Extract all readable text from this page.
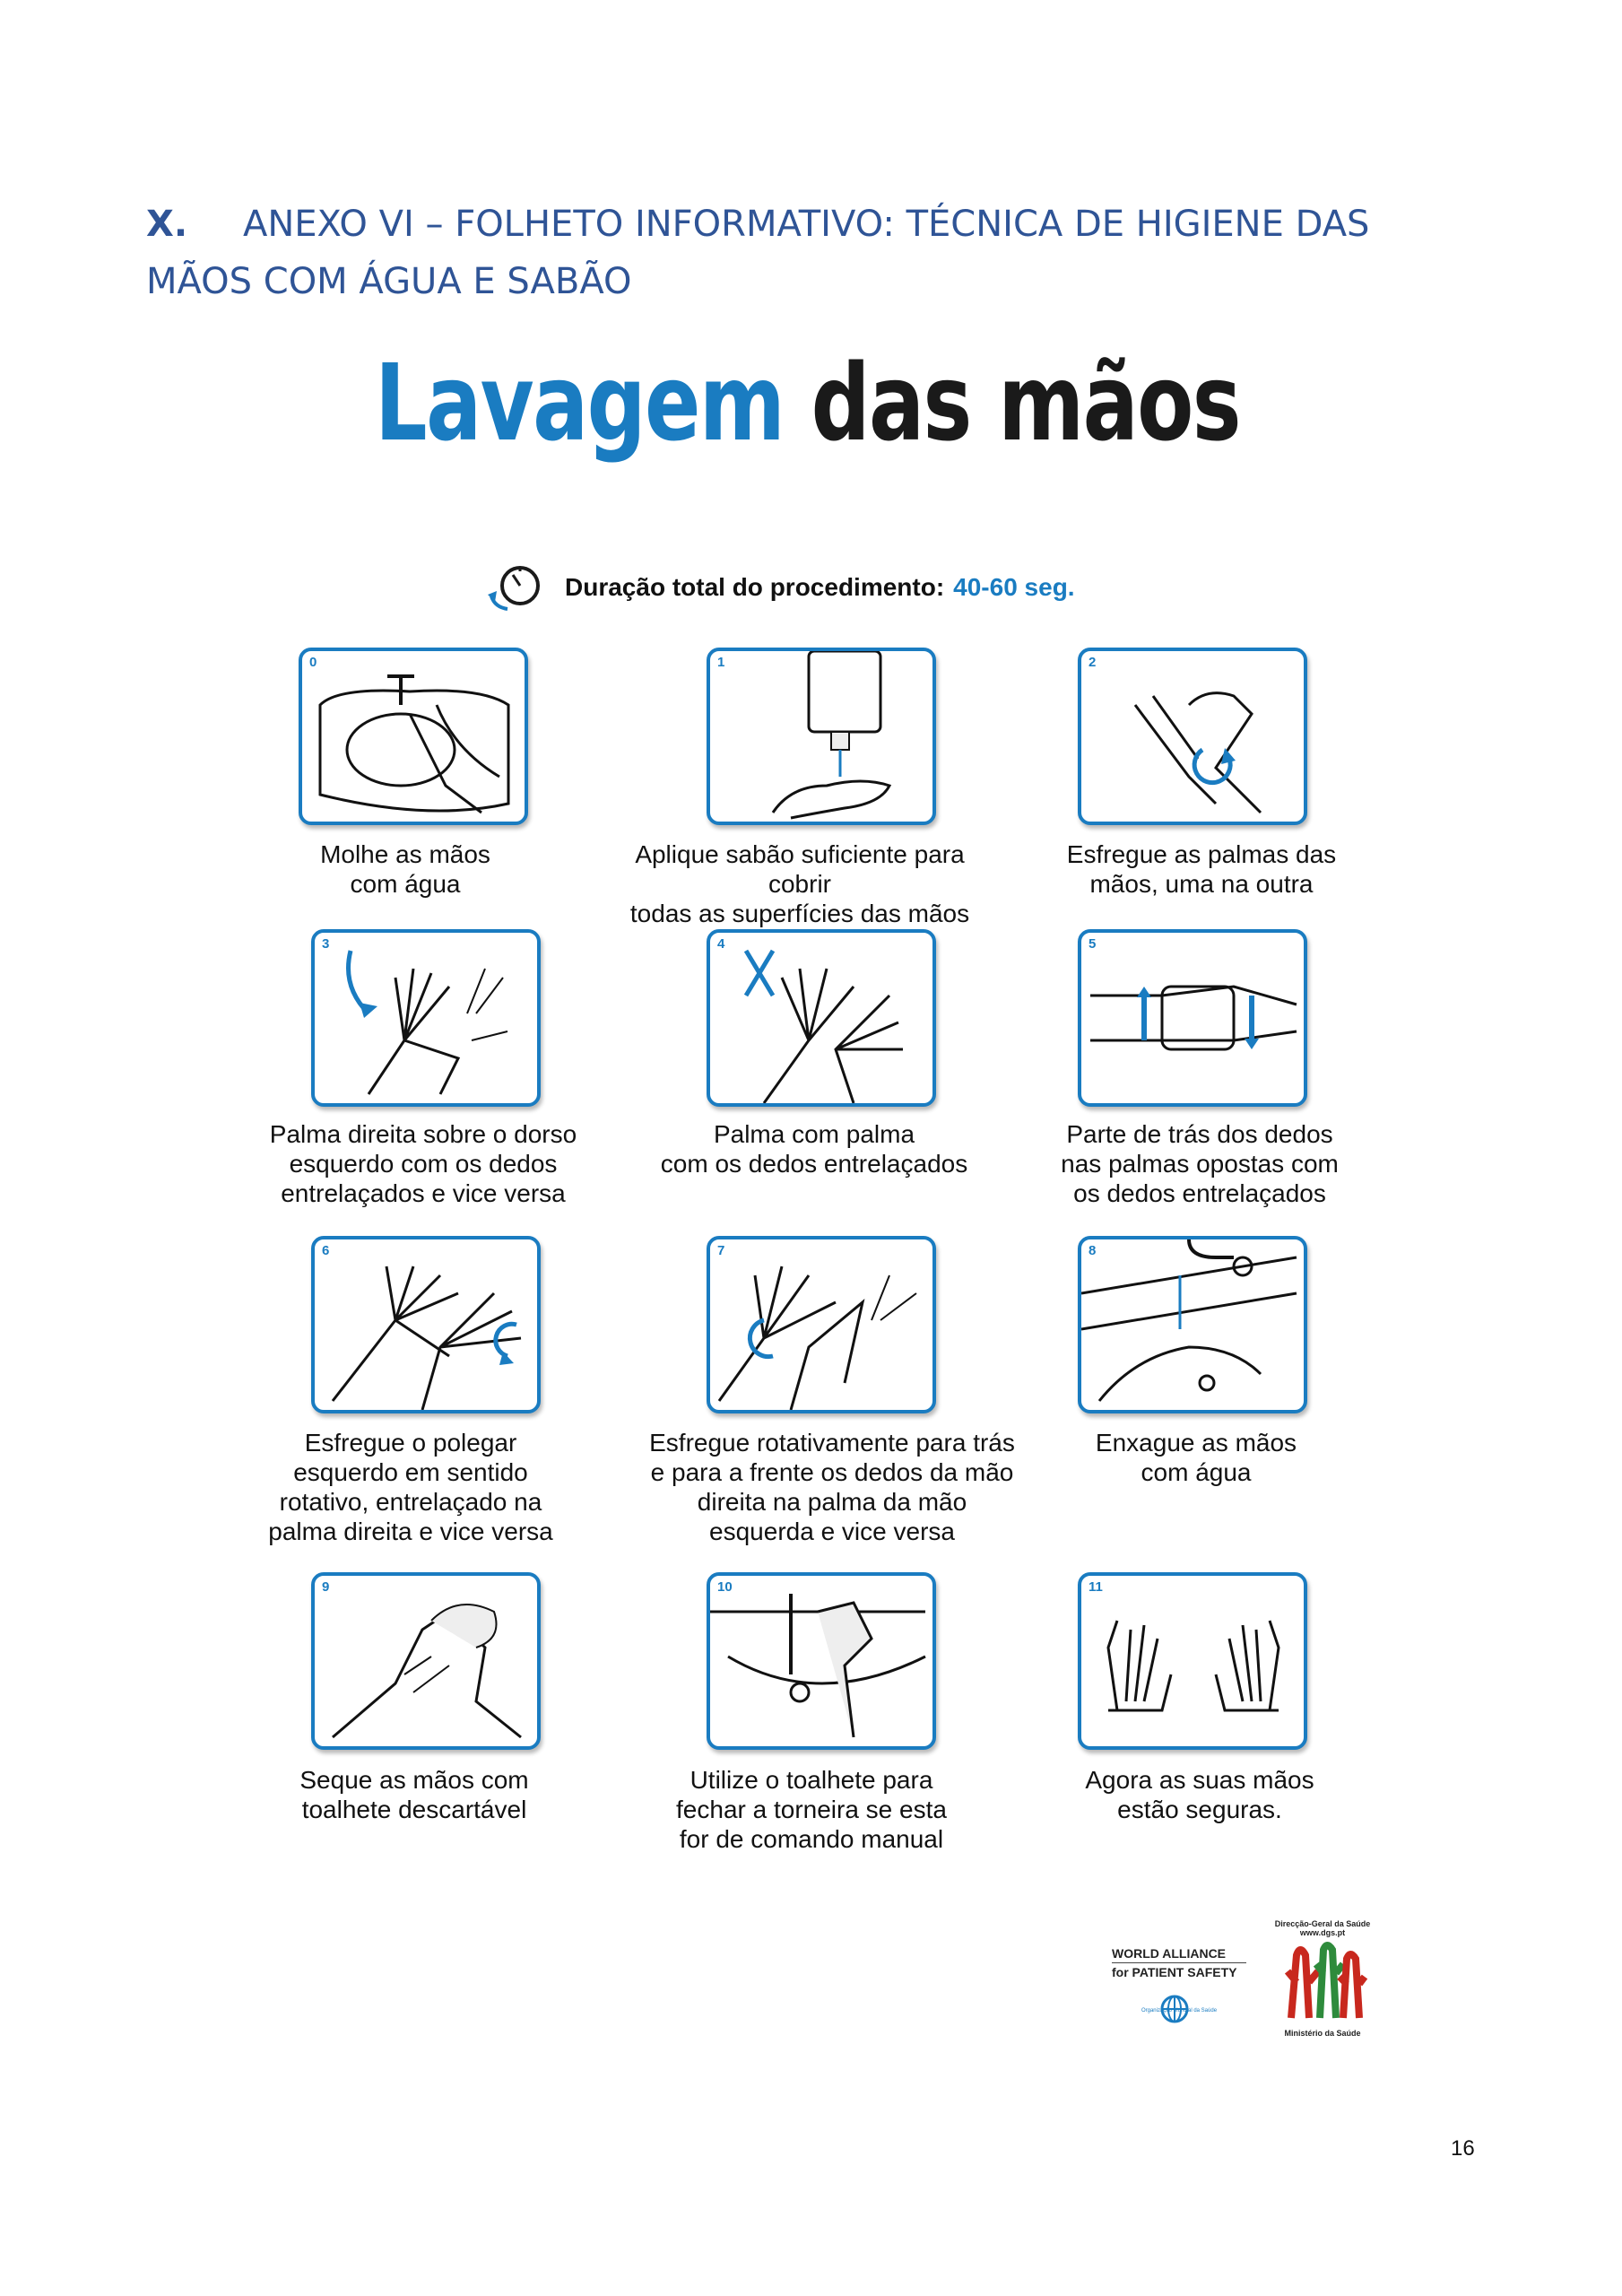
X. ANEXO VI – FOLHETO INFORMATIVO: TÉCNICA DE HIGIENE DAS
MÃOS COM ÁGUA E SABÃO
Lavagem das mãos
Duração total do procedimento: 40-60 seg.
0
Molhe as mãos
com água
1
Aplique sabão suficiente para cobrir
todas as superfícies das mãos
2
Esfregue as palmas das
mãos, uma na outra
3
Palma direita sobre o dorso
esquerdo com os dedos
entrelaçados e vice versa
4
Palma com palma
com os dedos entrelaçados
5
Parte de trás dos dedos
nas palmas opostas com
os dedos entrelaçados
6
Esfregue o polegar
esquerdo em sentido
rotativo, entrelaçado na
palma direita e vice versa
7
Esfregue rotativamente para trás
e para a frente os dedos da mão
direita na palma da mão
esquerda e vice versa
8
Enxague as mãos
com água
9
Seque as mãos com
toalhete descartável
10
Utilize o toalhete para
fechar a torneira se esta
for de comando manual
11
Agora as suas mãos
estão seguras.
WORLD ALLIANCE
for PATIENT SAFETY
Organização Mundial da Saúde
Direcção-Geral da Saúde
www.dgs.pt
Ministério da Saúde
16
